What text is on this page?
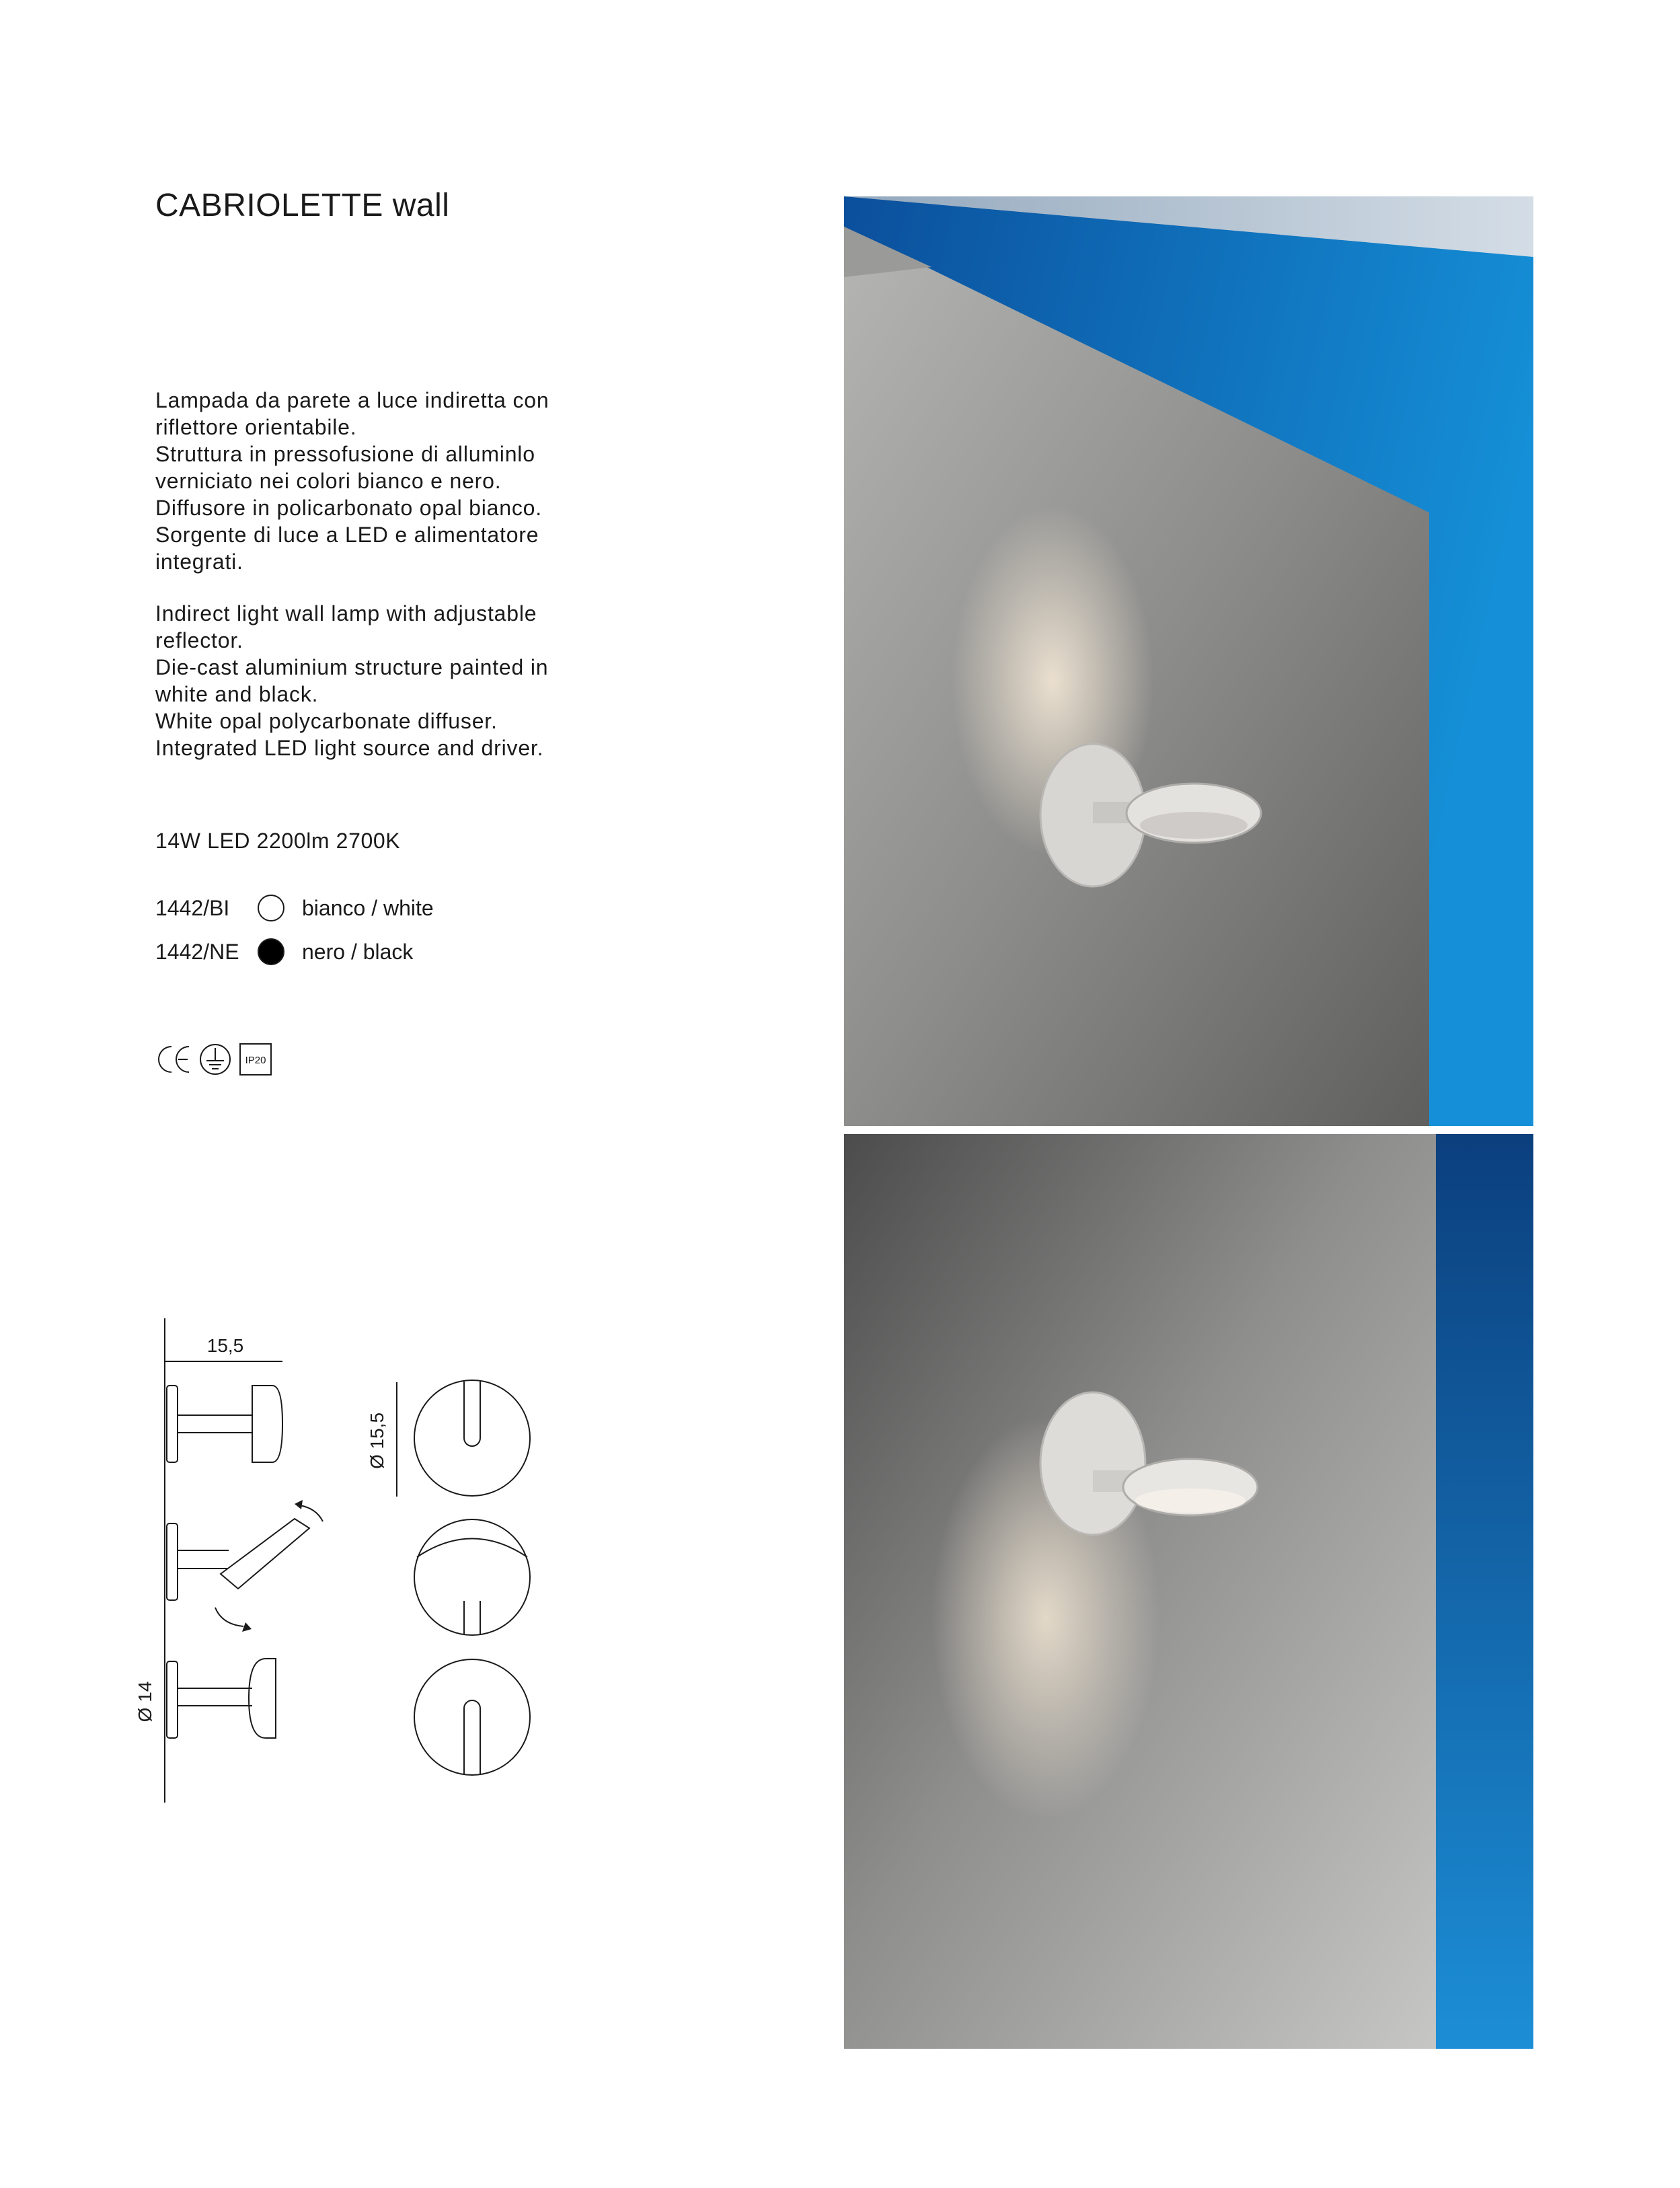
CABRIOLETTE wall

Lampada da parete a luce indiretta con
riflettore orientabile.
Struttura in pressofusione di alluminlo
verniciato nei colori bianco e nero.
Diffusore in policarbonato opal bianco.
Sorgente di luce a LED e alimentatore
integrati.

Indirect light wall lamp with adjustable
reflector.
Die-cast aluminium structure painted in
white and black.
White opal polycarbonate diffuser.
Integrated LED light source and driver.

14W LED 2200lm 2700K
1442/BI	bianco / white
1442/NE	nero / black
IP20
15,5
Ø 15,5
Ø 14
